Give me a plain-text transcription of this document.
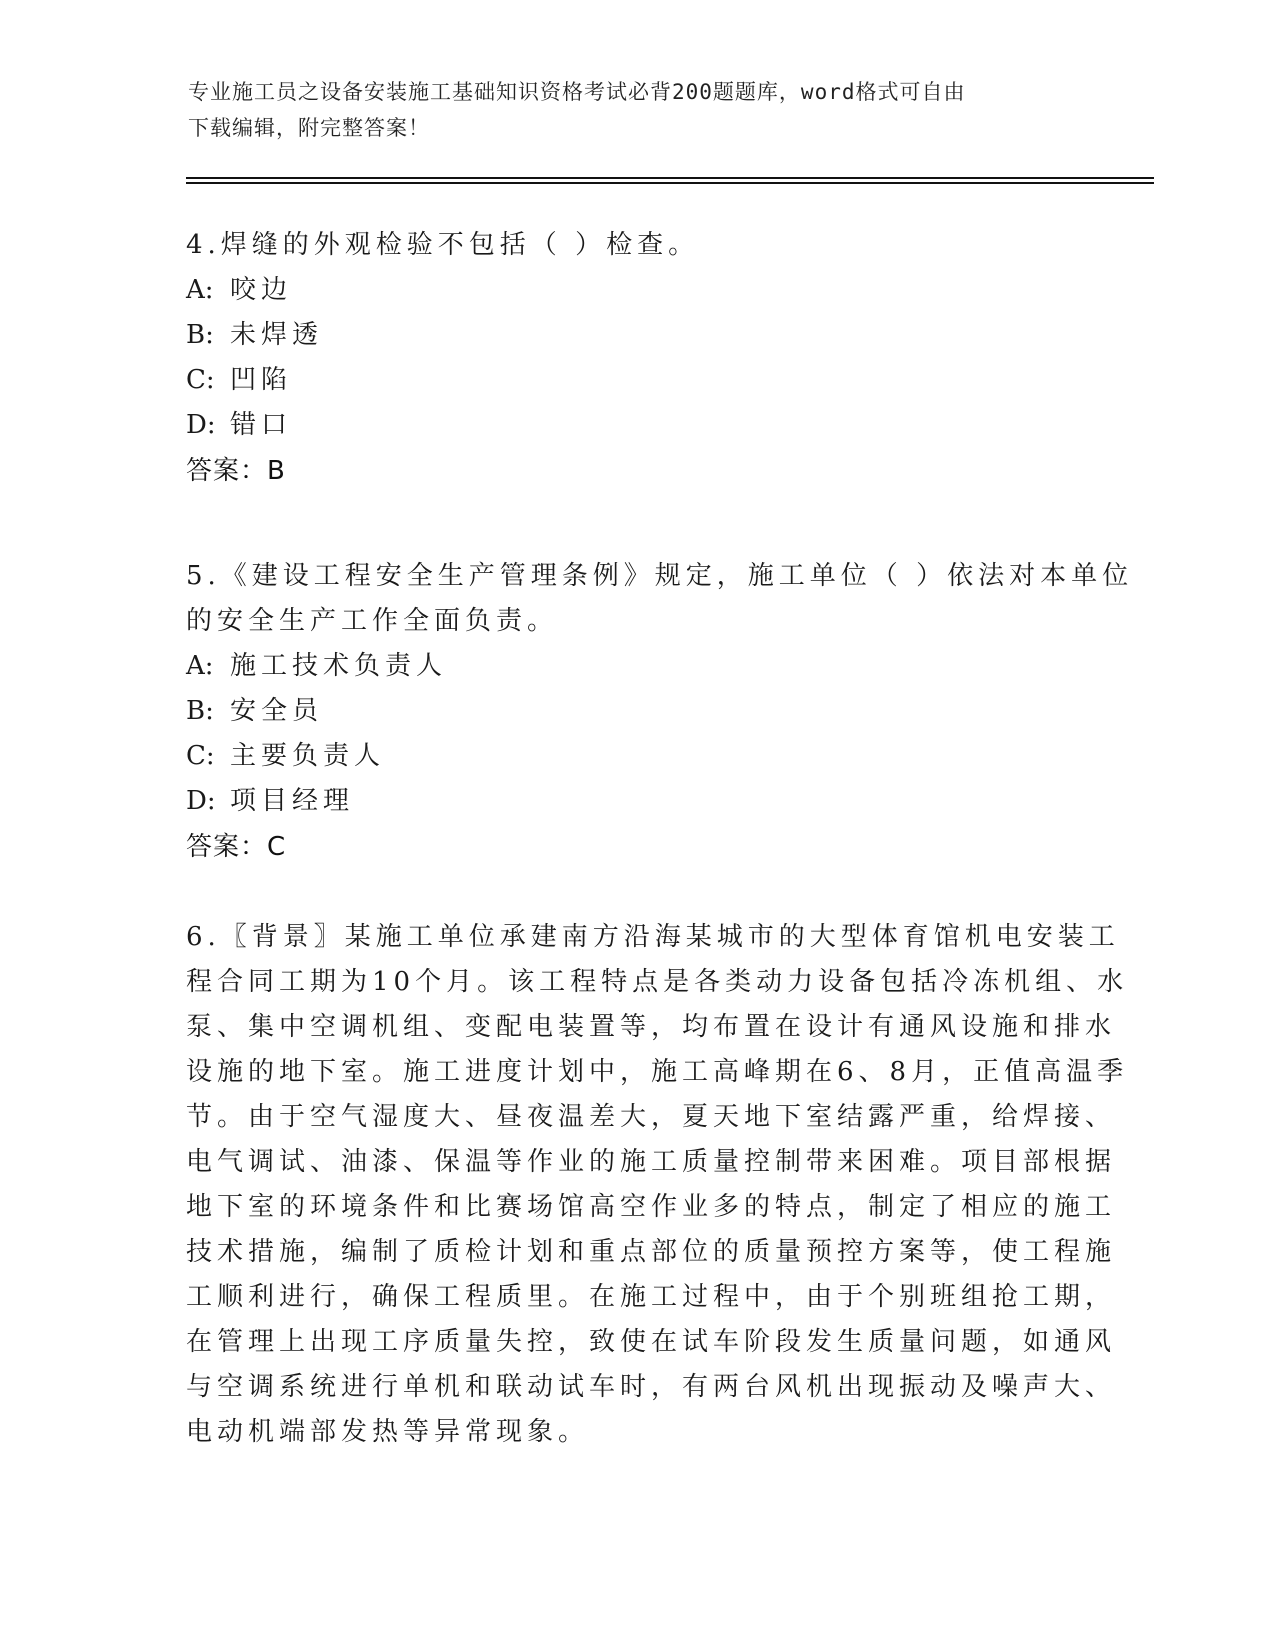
专业施工员之设备安装施工基础知识资格考试必背200题题库，word格式可自由
下载编辑，附完整答案！
4.焊缝的外观检验不包括（ ）检查。
A: 咬边
B: 未焊透
C: 凹陷
D: 错口
答案：B
5.《建设工程安全生产管理条例》规定，施工单位（ ）依法对本单位
的安全生产工作全面负责。
A: 施工技术负责人
B: 安全员
C: 主要负责人
D: 项目经理
答案：C
6.〖背景〗某施工单位承建南方沿海某城市的大型体育馆机电安装工
程合同工期为10个月。该工程特点是各类动力设备包括冷冻机组、水
泵、集中空调机组、变配电装置等，均布置在设计有通风设施和排水
设施的地下室。施工进度计划中，施工高峰期在6、8月，正值高温季
节。由于空气湿度大、昼夜温差大，夏天地下室结露严重，给焊接、
电气调试、油漆、保温等作业的施工质量控制带来困难。项目部根据
地下室的环境条件和比赛场馆高空作业多的特点，制定了相应的施工
技术措施，编制了质检计划和重点部位的质量预控方案等，使工程施
工顺利进行，确保工程质里。在施工过程中，由于个别班组抢工期，
在管理上出现工序质量失控，致使在试车阶段发生质量问题，如通风
与空调系统进行单机和联动试车时，有两台风机出现振动及噪声大、
电动机端部发热等异常现象。
